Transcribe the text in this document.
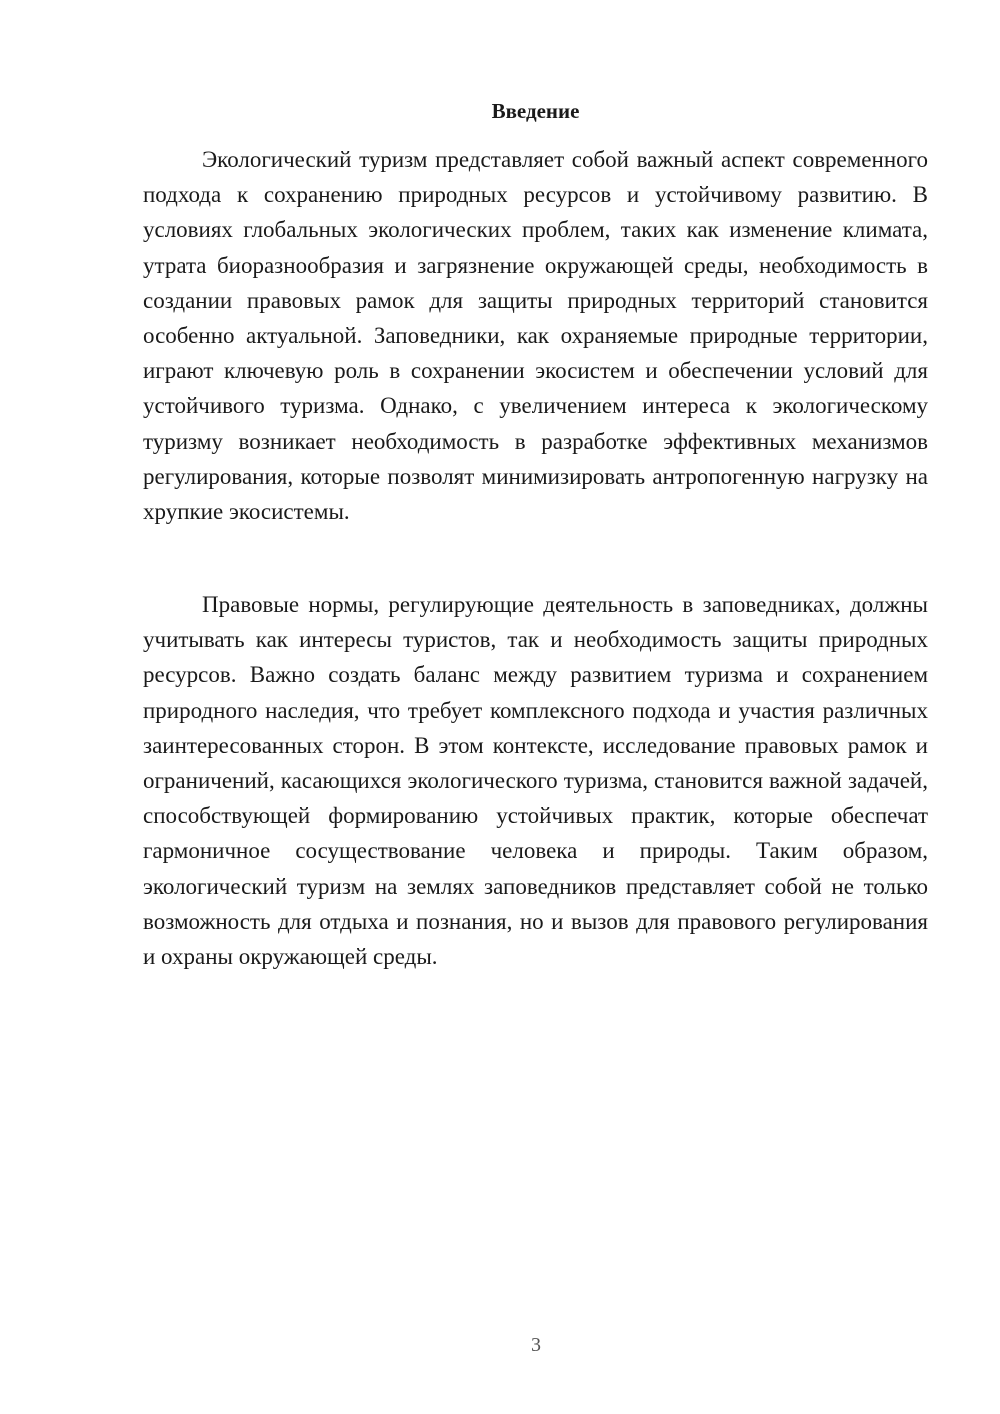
Введение

Экологический туризм представляет собой важный аспект современного подхода к сохранению природных ресурсов и устойчивому развитию. В условиях глобальных экологических проблем, таких как изменение климата, утрата биоразнообразия и загрязнение окружающей среды, необходимость в создании правовых рамок для защиты природных территорий становится особенно актуальной. Заповедники, как охраняемые природные территории, играют ключевую роль в сохранении экосистем и обеспечении условий для устойчивого туризма. Однако, с увеличением интереса к экологическому туризму возникает необходимость в разработке эффективных механизмов регулирования, которые позволят минимизировать антропогенную нагрузку на хрупкие экосистемы.

Правовые нормы, регулирующие деятельность в заповедниках, должны учитывать как интересы туристов, так и необходимость защиты природных ресурсов. Важно создать баланс между развитием туризма и сохранением природного наследия, что требует комплексного подхода и участия различных заинтересованных сторон. В этом контексте, исследование правовых рамок и ограничений, касающихся экологического туризма, становится важной задачей, способствующей формированию устойчивых практик, которые обеспечат гармоничное сосуществование человека и природы. Таким образом, экологический туризм на землях заповедников представляет собой не только возможность для отдыха и познания, но и вызов для правового регулирования и охраны окружающей среды.

3
